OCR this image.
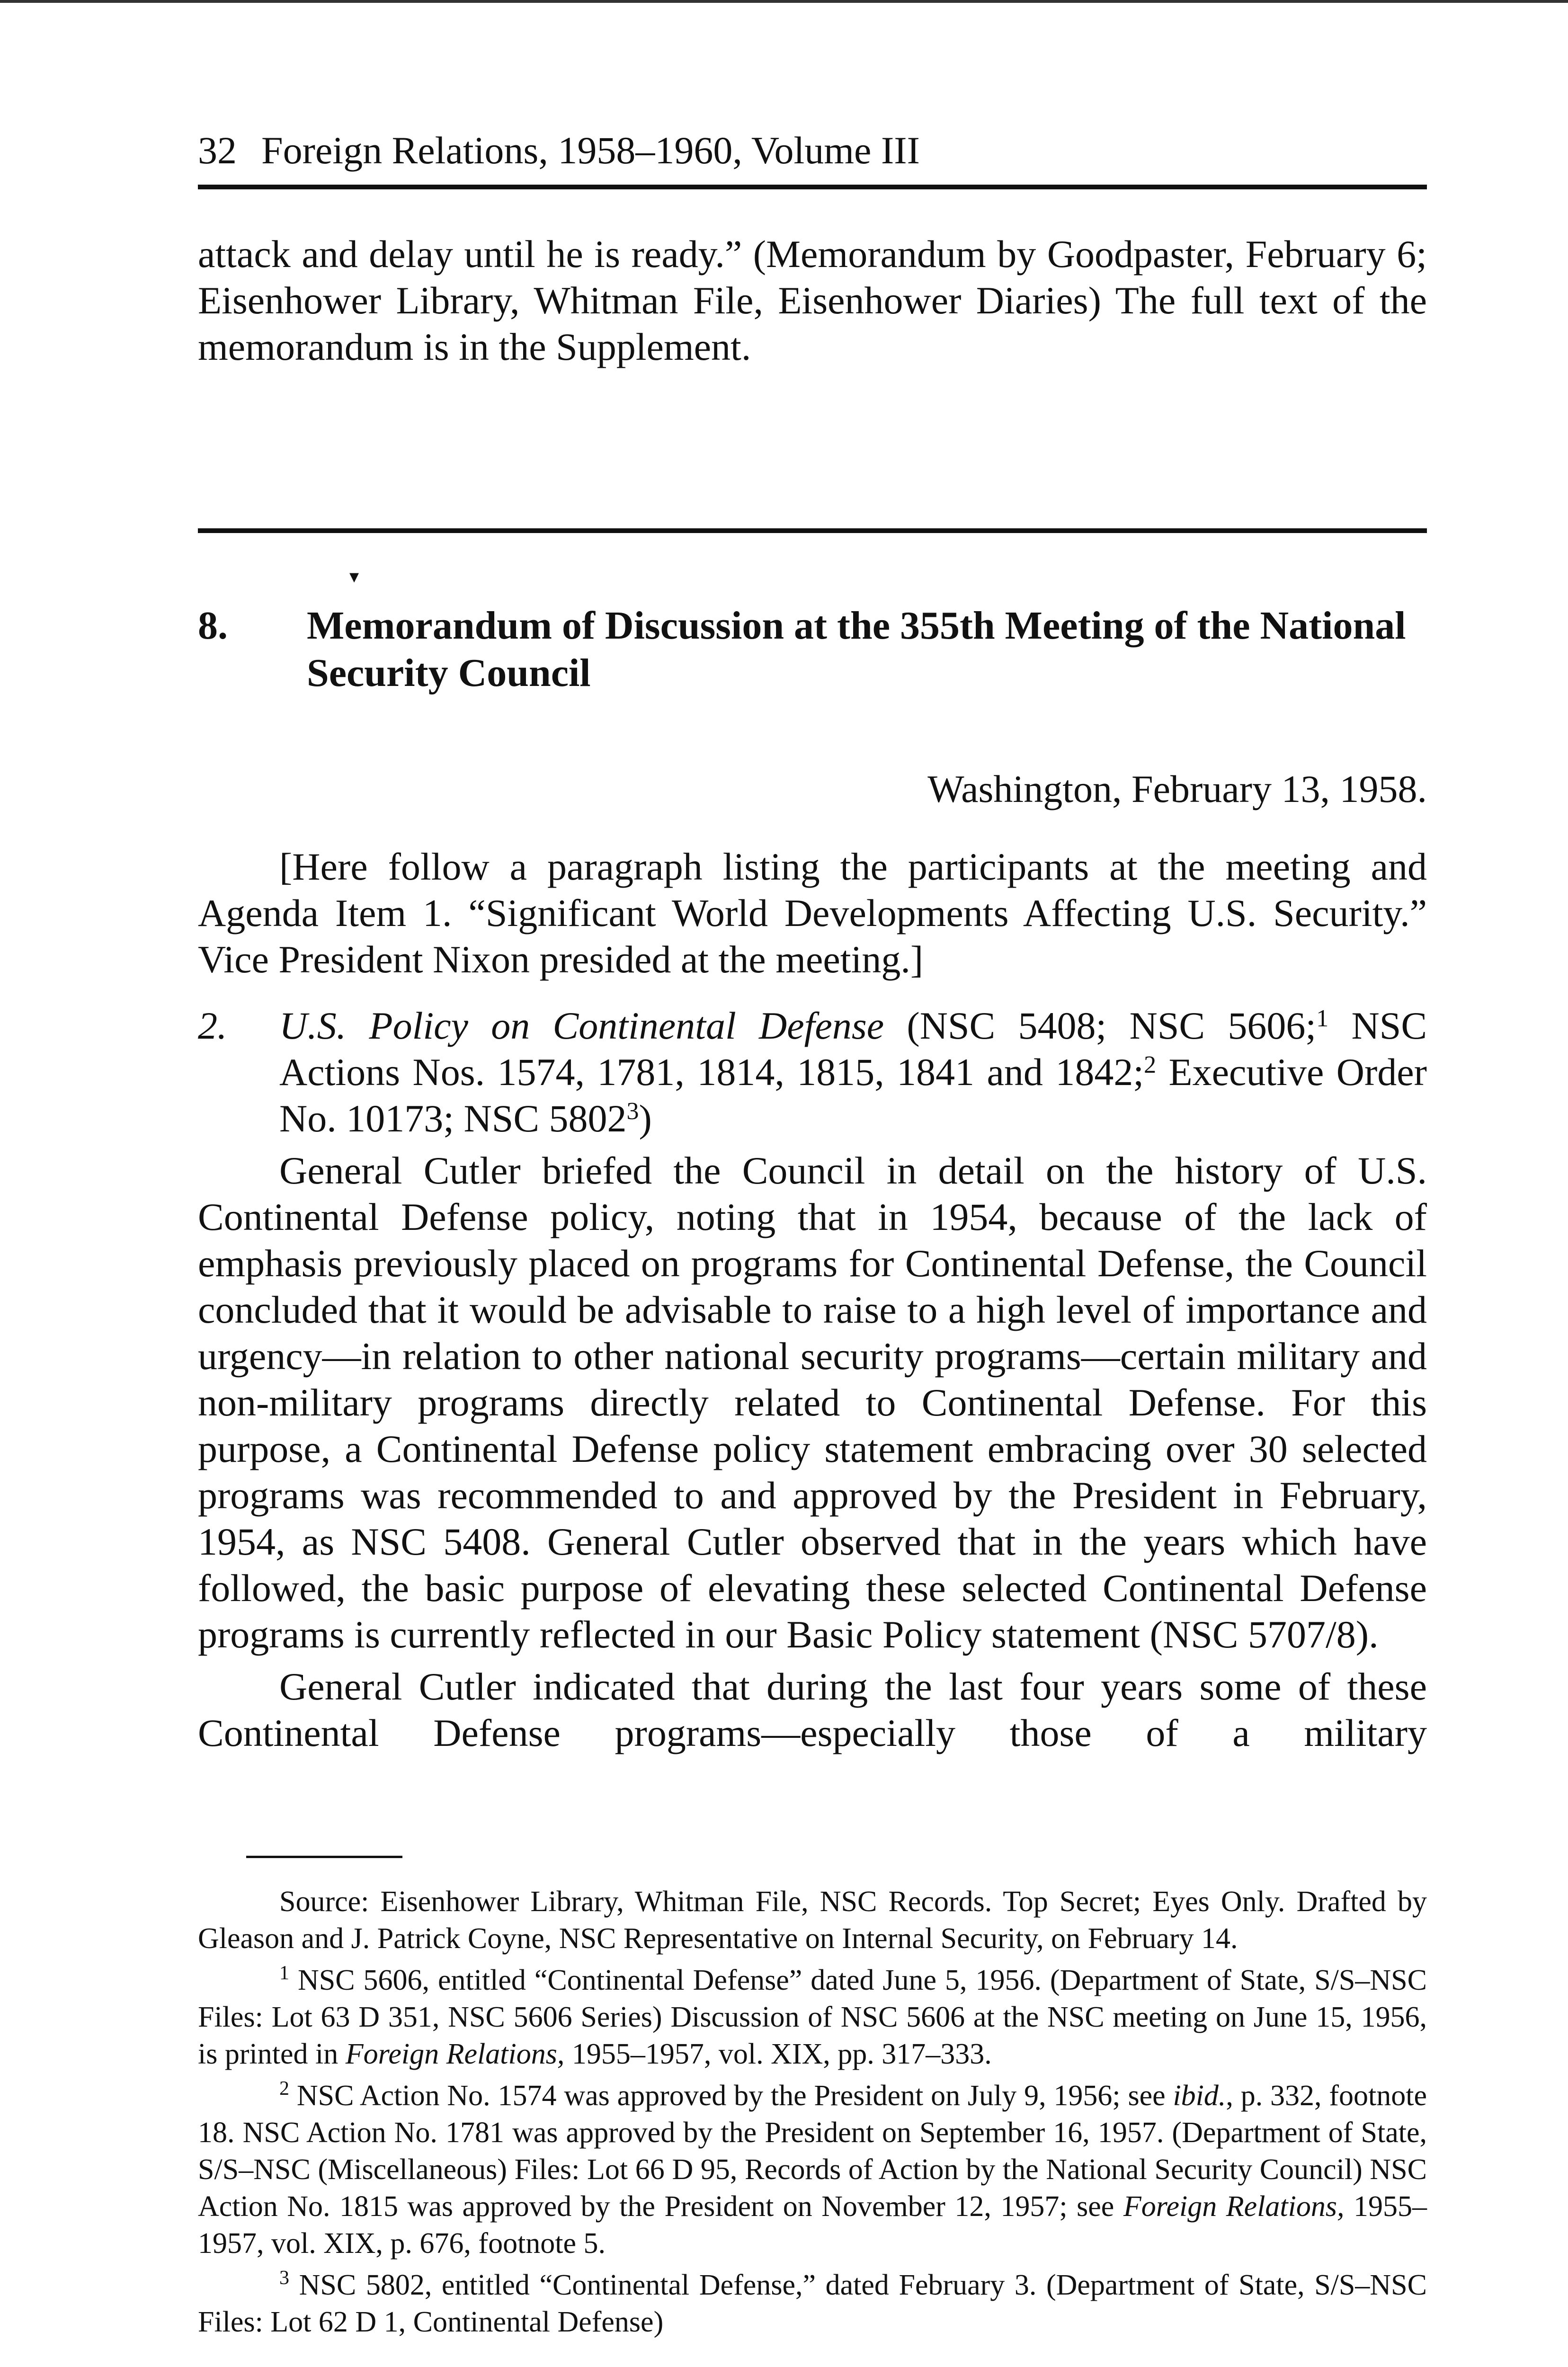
32 Foreign Relations, 1958–1960, Volume III

attack and delay until he is ready.” (Memorandum by Goodpaster, February 6; Eisenhower Library, Whitman File, Eisenhower Diaries) The full text of the memorandum is in the Supplement.

▾
8. Memorandum of Discussion at the 355th Meeting of the National Security Council
Washington, February 13, 1958.

[Here follow a paragraph listing the participants at the meeting and Agenda Item 1. “Significant World Developments Affecting U.S. Security.” Vice President Nixon presided at the meeting.]

2. U.S. Policy on Continental Defense (NSC 5408; NSC 5606;$^1$ NSC Actions Nos. 1574, 1781, 1814, 1815, 1841 and 1842;$^2$ Executive Order No. 10173; NSC 5802$^3$)

General Cutler briefed the Council in detail on the history of U.S. Continental Defense policy, noting that in 1954, because of the lack of emphasis previously placed on programs for Continental Defense, the Council concluded that it would be advisable to raise to a high level of importance and urgency—in relation to other national security programs—certain military and non-military programs directly related to Continental Defense. For this purpose, a Continental Defense policy statement embracing over 30 selected programs was recommended to and approved by the President in February, 1954, as NSC 5408. General Cutler observed that in the years which have followed, the basic purpose of elevating these selected Continental Defense programs is currently reflected in our Basic Policy statement (NSC 5707/8).

General Cutler indicated that during the last four years some of these Continental Defense programs—especially those of a military

Source: Eisenhower Library, Whitman File, NSC Records. Top Secret; Eyes Only. Drafted by Gleason and J. Patrick Coyne, NSC Representative on Internal Security, on February 14.

$^1$ NSC 5606, entitled “Continental Defense” dated June 5, 1956. (Department of State, S/S–NSC Files: Lot 63 D 351, NSC 5606 Series) Discussion of NSC 5606 at the NSC meeting on June 15, 1956, is printed in Foreign Relations, 1955–1957, vol. XIX, pp. 317–333.

$^2$ NSC Action No. 1574 was approved by the President on July 9, 1956; see ibid., p. 332, footnote 18. NSC Action No. 1781 was approved by the President on September 16, 1957. (Department of State, S/S–NSC (Miscellaneous) Files: Lot 66 D 95, Records of Action by the National Security Council) NSC Action No. 1815 was approved by the President on November 12, 1957; see Foreign Relations, 1955–1957, vol. XIX, p. 676, footnote 5.

$^3$ NSC 5802, entitled “Continental Defense,” dated February 3. (Department of State, S/S–NSC Files: Lot 62 D 1, Continental Defense)
